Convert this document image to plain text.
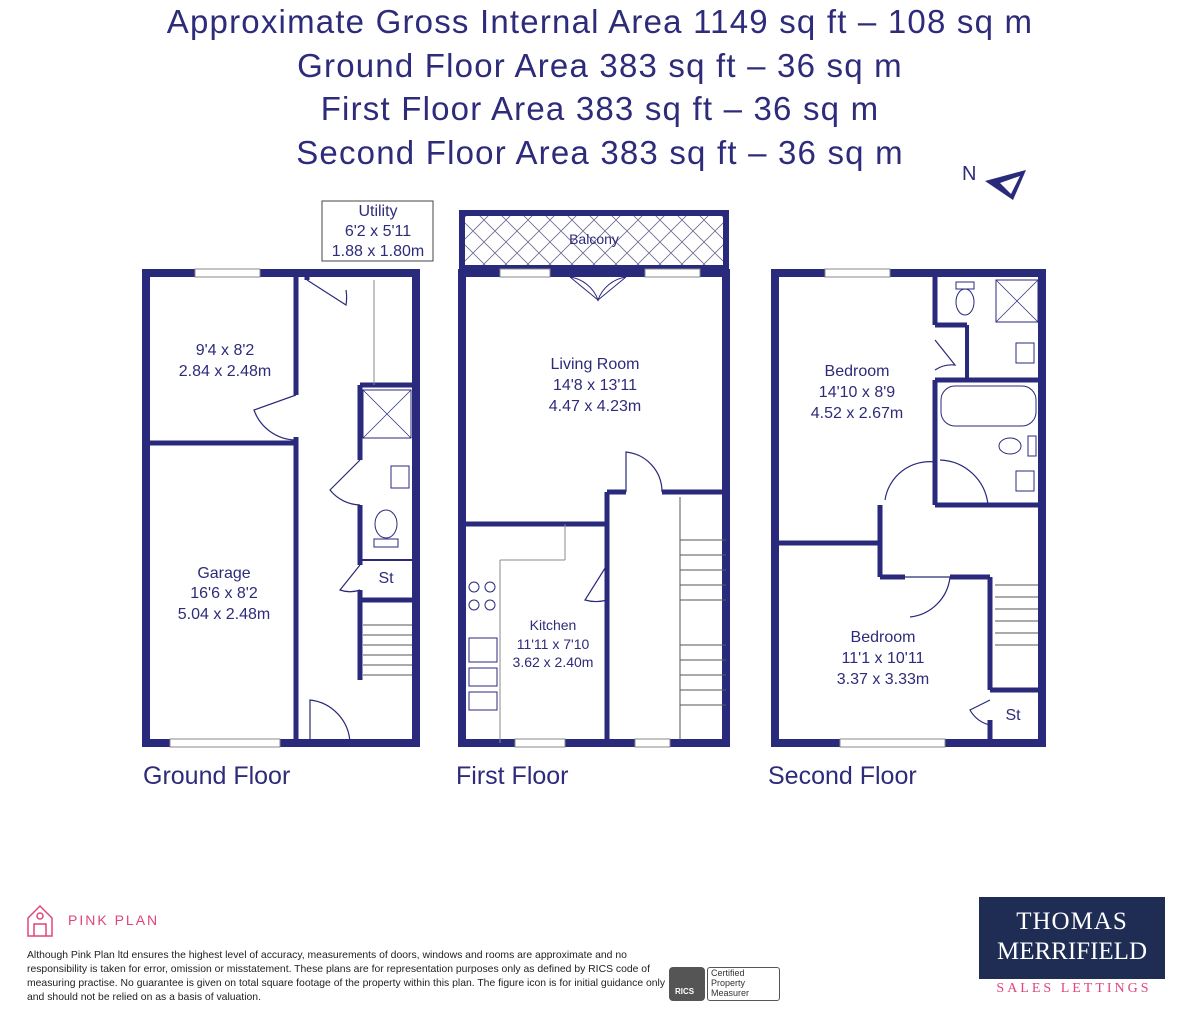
Approximate Gross Internal Area 1149 sq ft – 108 sq m
Ground Floor Area 383 sq ft – 36 sq m
First Floor Area 383 sq ft – 36 sq m
Second Floor Area 383 sq ft – 36 sq m
N
Utility
6'2 x 5'11
1.88 x 1.80m
9'4 x 8'2
2.84 x 2.48m
Garage
16'6 x 8'2
5.04 x 2.48m
St
Ground Floor
Balcony
Living Room
14'8 x 13'11
4.47 x 4.23m
Kitchen
11'11 x 7'10
3.62 x 2.40m
First Floor
Bedroom
14'10 x 8'9
4.52 x 2.67m
Bedroom
11'1 x 10'11
3.37 x 3.33m
St
Second Floor
PINK PLAN
Although Pink Plan ltd ensures the highest level of accuracy, measurements of doors, windows and rooms are approximate and no responsibility is taken for error, omission or misstatement. These plans are for representation purposes only as defined by RICS code of measuring practise. No guarantee is given on total square footage of the property within this plan. The figure icon is for initial guidance only and should not be relied on as a basis of valuation.
RICS
Certified
Property
Measurer
THOMAS
MERRIFIELD
SALES LETTINGS
